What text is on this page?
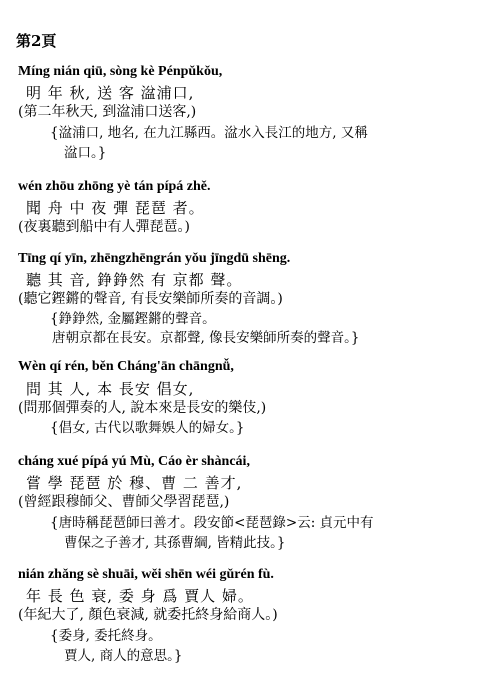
第2頁
Míng nián qiū, sòng kè Pénpǔkǒu,
明 年 秋, 送 客 湓浦口,
(第二年秋天, 到湓浦口送客,)
{湓浦口, 地名, 在九江縣西。湓水入長江的地方, 又稱
湓口。}
wén zhōu zhōng yè tán pípá zhě.
聞 舟 中 夜 彈 琵琶 者。
(夜裏聽到船中有人彈琵琶。)
Tīng qí yīn, zhēngzhēngrán yǒu jīngdū shēng.
聽 其 音, 錚錚然 有 京都 聲。
(聽它鏗鏘的聲音, 有長安樂師所奏的音調。)
{錚錚然, 金屬鏗鏘的聲音。
唐朝京都在長安。京都聲, 像長安樂師所奏的聲音。}
Wèn qí rén, běn Cháng'ān chāngnǚ,
問 其 人, 本 長安 倡女,
(問那個彈奏的人, 說本來是長安的樂伎,)
{倡女, 古代以歌舞娛人的婦女。}
cháng xué pípá yú Mù, Cáo èr shàncái,
嘗 學 琵琶 於 穆、曹 二 善才,
(曾經跟穆師父、曹師父學習琵琶,)
{唐時稱琵琶師曰善才。段安節<琵琶錄>云: 貞元中有
曹保之子善才, 其孫曹綱, 皆精此技。}
nián zhǎng sè shuāi, wěi shēn wéi gǔrén fù.
年 長 色 衰, 委 身 爲 賈人 婦。
(年紀大了, 顏色衰減, 就委托終身給商人。)
{委身, 委托終身。
賈人, 商人的意思。}
